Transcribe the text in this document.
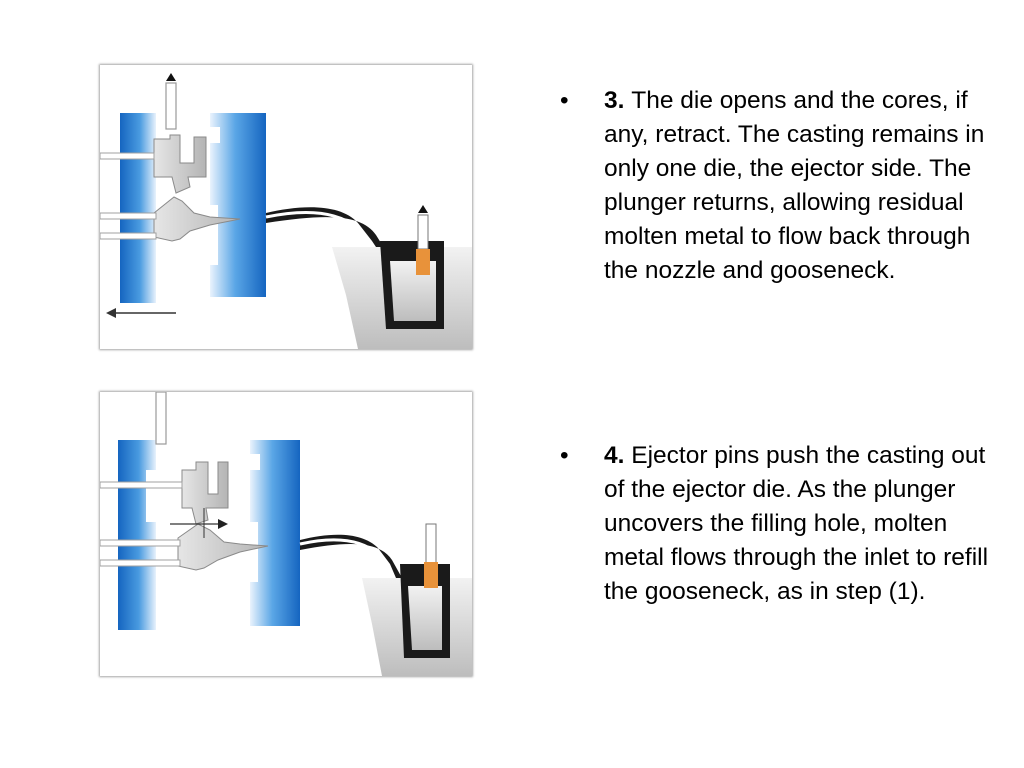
• 3. The die opens and the cores, if any, retract. The casting remains in only one die, the ejector side. The plunger returns, allowing residual molten metal to flow back through the nozzle and gooseneck.
• 4. Ejector pins push the casting out of the ejector die. As the plunger uncovers the filling hole, molten metal flows through the inlet to refill the gooseneck, as in step (1).
